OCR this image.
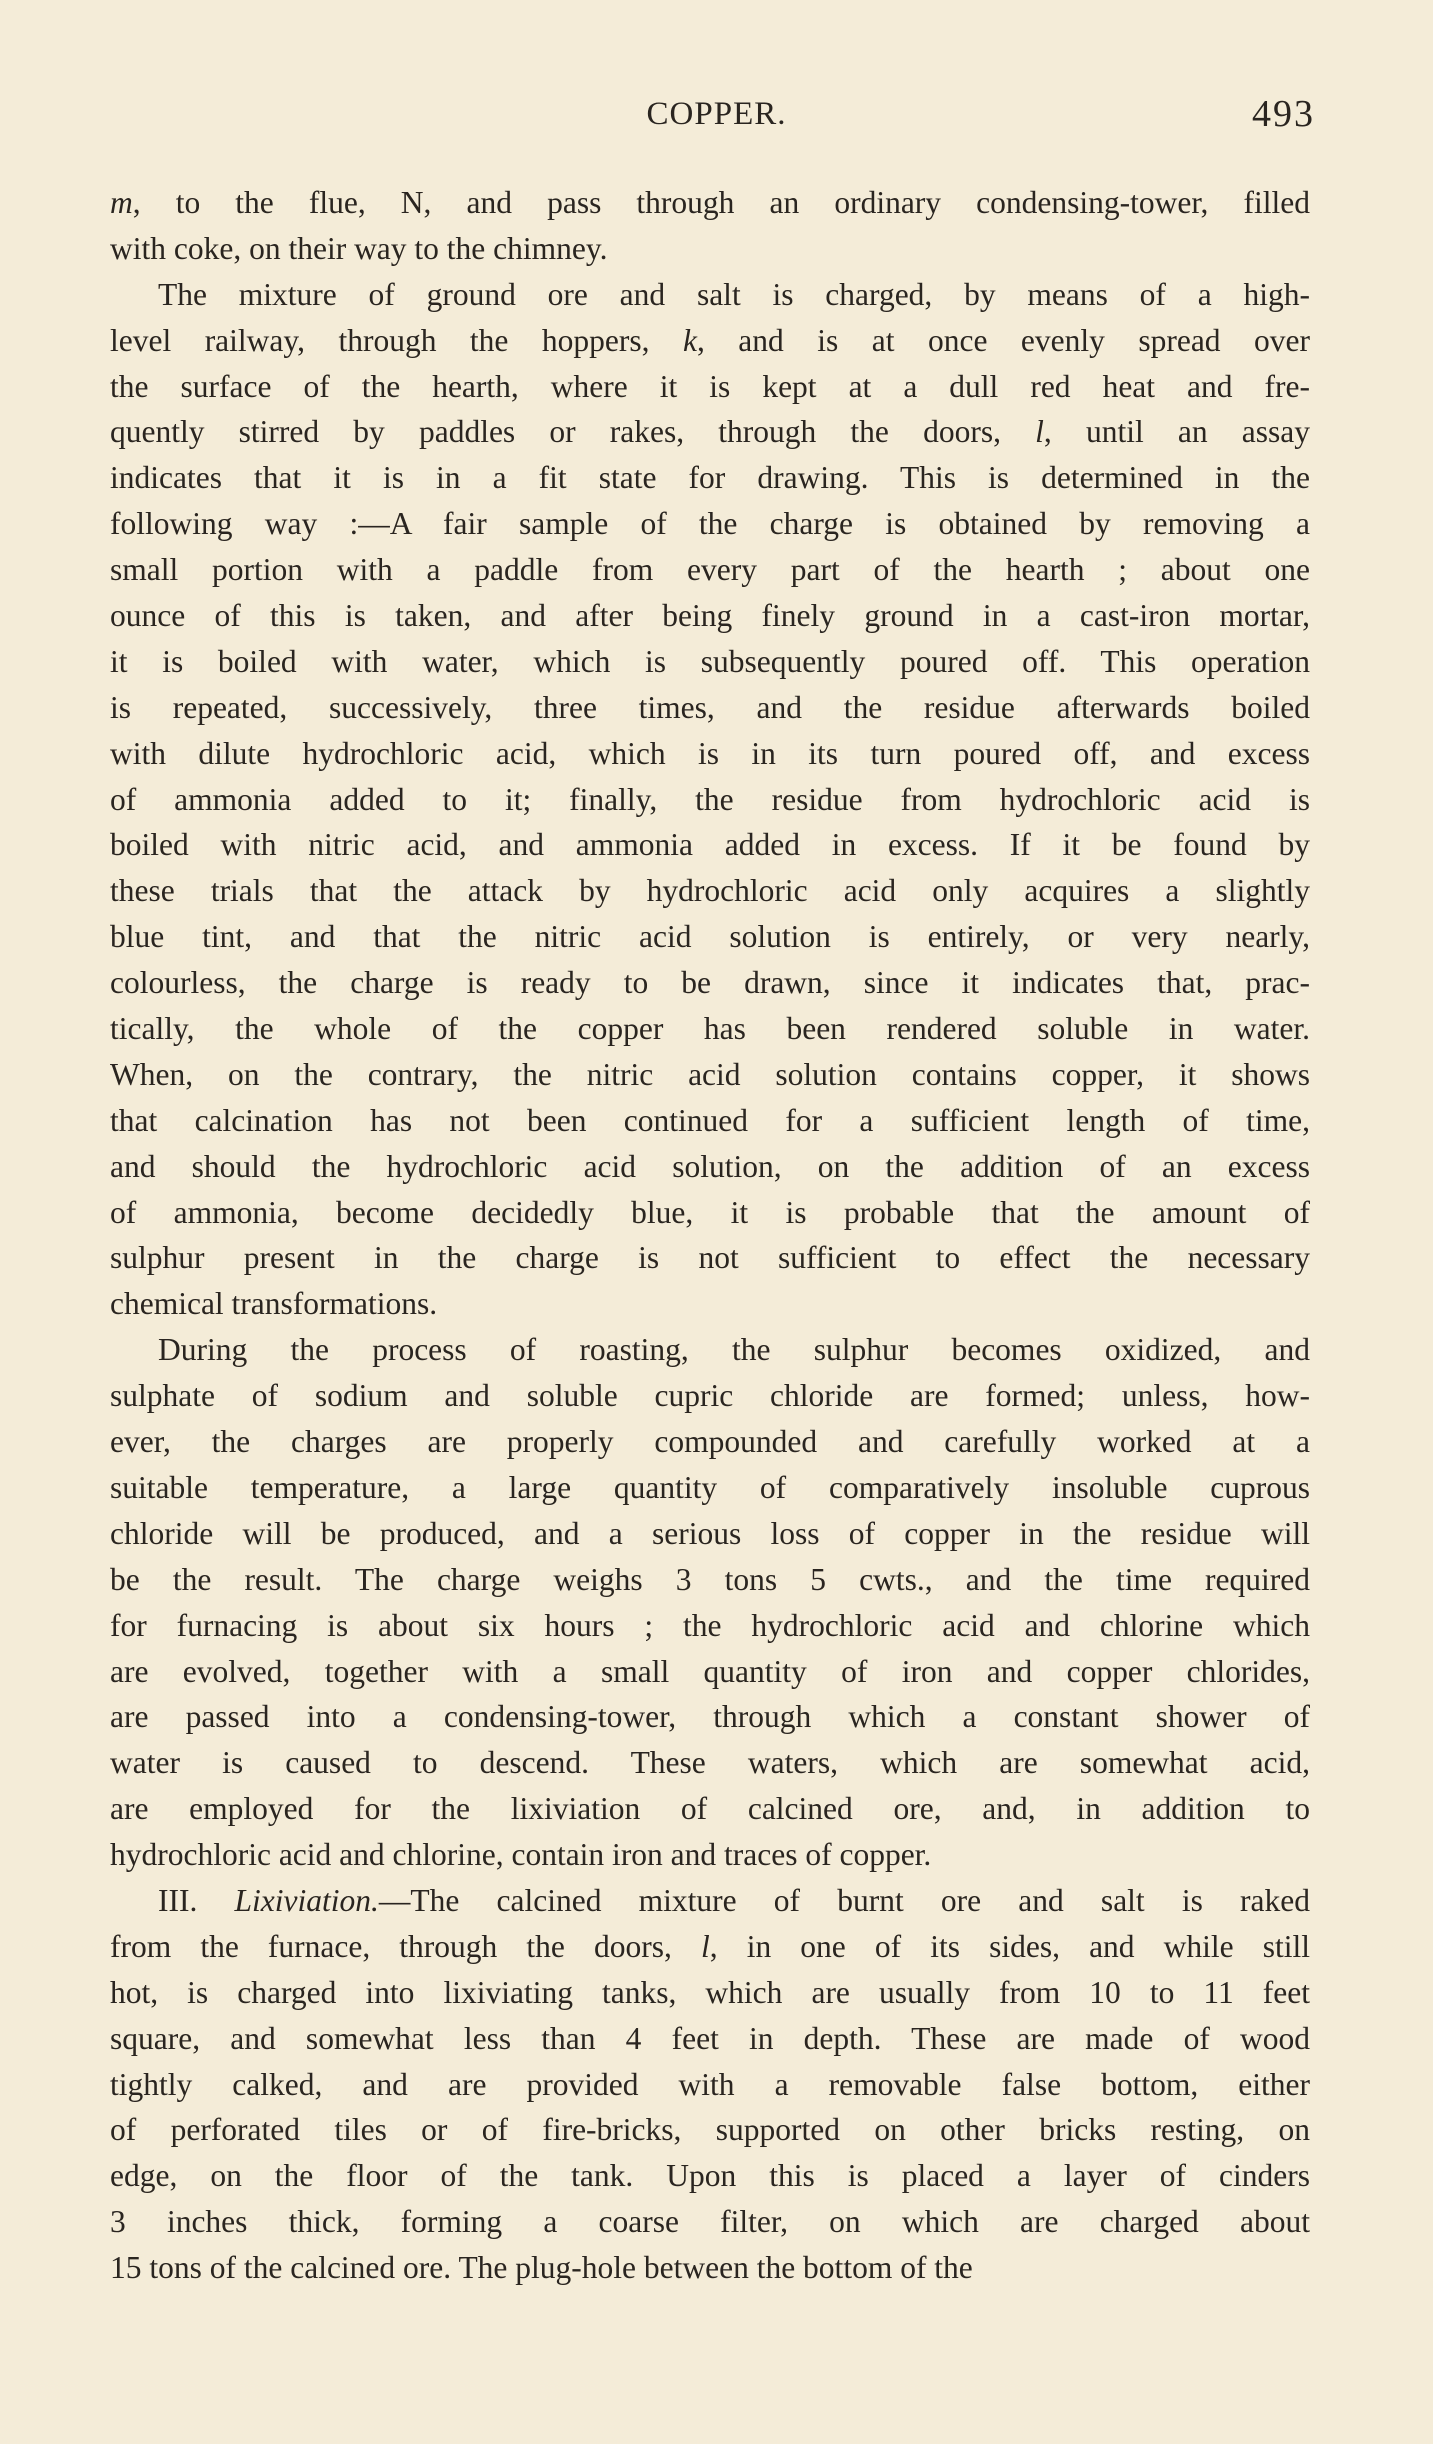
COPPER.	493
m, to the flue, N, and pass through an ordinary condensing-tower, filled
with coke, on their way to the chimney.
The mixture of ground ore and salt is charged, by means of a high-
level railway, through the hoppers, k, and is at once evenly spread over
the surface of the hearth, where it is kept at a dull red heat and fre-
quently stirred by paddles or rakes, through the doors, l, until an assay
indicates that it is in a fit state for drawing. This is determined in the
following way :—A fair sample of the charge is obtained by removing a
small portion with a paddle from every part of the hearth ; about one
ounce of this is taken, and after being finely ground in a cast-iron mortar,
it is boiled with water, which is subsequently poured off. This operation
is repeated, successively, three times, and the residue afterwards boiled
with dilute hydrochloric acid, which is in its turn poured off, and excess
of ammonia added to it; finally, the residue from hydrochloric acid is
boiled with nitric acid, and ammonia added in excess. If it be found by
these trials that the attack by hydrochloric acid only acquires a slightly
blue tint, and that the nitric acid solution is entirely, or very nearly,
colourless, the charge is ready to be drawn, since it indicates that, prac-
tically, the whole of the copper has been rendered soluble in water.
When, on the contrary, the nitric acid solution contains copper, it shows
that calcination has not been continued for a sufficient length of time,
and should the hydrochloric acid solution, on the addition of an excess
of ammonia, become decidedly blue, it is probable that the amount of
sulphur present in the charge is not sufficient to effect the necessary
chemical transformations.
During the process of roasting, the sulphur becomes oxidized, and
sulphate of sodium and soluble cupric chloride are formed; unless, how-
ever, the charges are properly compounded and carefully worked at a
suitable temperature, a large quantity of comparatively insoluble cuprous
chloride will be produced, and a serious loss of copper in the residue will
be the result. The charge weighs 3 tons 5 cwts., and the time required
for furnacing is about six hours ; the hydrochloric acid and chlorine which
are evolved, together with a small quantity of iron and copper chlorides,
are passed into a condensing-tower, through which a constant shower of
water is caused to descend. These waters, which are somewhat acid,
are employed for the lixiviation of calcined ore, and, in addition to
hydrochloric acid and chlorine, contain iron and traces of copper.
III. Lixiviation.—The calcined mixture of burnt ore and salt is raked
from the furnace, through the doors, l, in one of its sides, and while still
hot, is charged into lixiviating tanks, which are usually from 10 to 11 feet
square, and somewhat less than 4 feet in depth. These are made of wood
tightly calked, and are provided with a removable false bottom, either
of perforated tiles or of fire-bricks, supported on other bricks resting, on
edge, on the floor of the tank. Upon this is placed a layer of cinders
3 inches thick, forming a coarse filter, on which are charged about
15 tons of the calcined ore. The plug-hole between the bottom of the
